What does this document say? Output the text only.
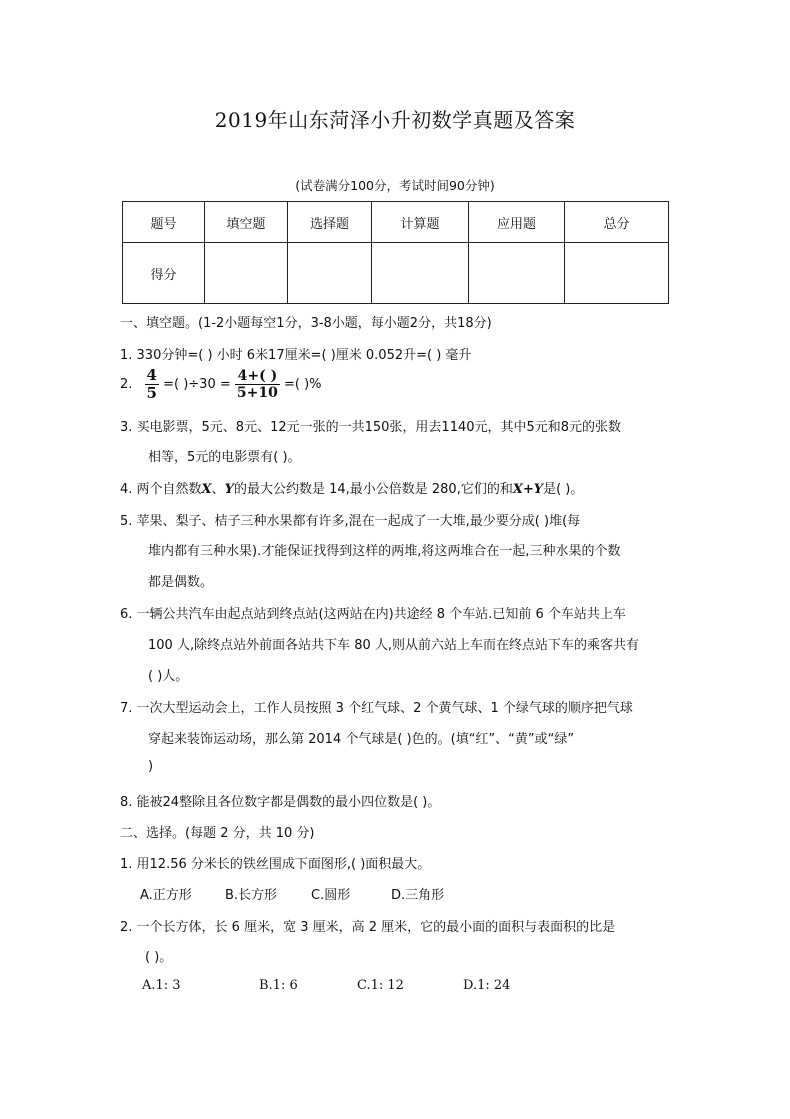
2019年山东菏泽小升初数学真题及答案
(试卷满分100分，考试时间90分钟)
题号	填空题	选择题	计算题	应用题	总分
得分					
一、填空题。(1-2小题每空1分，3-8小题，每小题2分，共18分)
1. 330分钟=( ) 小时 6米17厘米=( )厘米 0.052升=( ) 毫升
2. $\frac{4}{5}$ =( )$\div 30 = \frac{4+( )}{5+10}$ =( )%
3. 买电影票，5元、8元、12元一张的一共150张，用去1140元，其中5元和8元的张数
相等，5元的电影票有( )。
4. 两个自然数X、Y的最大公约数是 14,最小公倍数是 280,它们的和X+Y是( )。
5. 苹果、梨子、桔子三种水果都有许多,混在一起成了一大堆,最少要分成( )堆(每
堆内都有三种水果).才能保证找得到这样的两堆,将这两堆合在一起,三种水果的个数
都是偶数。
6. 一辆公共汽车由起点站到终点站(这两站在内)共途经 8 个车站.已知前 6 个车站共上车
100 人,除终点站外前面各站共下车 80 人,则从前六站上车而在终点站下车的乘客共有
( )人。
7. 一次大型运动会上，工作人员按照 3 个红气球、2 个黄气球、1 个绿气球的顺序把气球
穿起来装饰运动场，那么第 2014 个气球是( )色的。(填“红”、“黄”或“绿”
)
8. 能被24整除且各位数字都是偶数的最小四位数是( )。
二、选择。(每题 2 分，共 10 分)
1. 用12.56 分米长的铁丝围成下面图形,( )面积最大。
A.正方形	B.长方形	C.圆形	D.三角形
2. 一个长方体，长 6 厘米，宽 3 厘米，高 2 厘米，它的最小面的面积与表面积的比是
( )。
A.1: 3	B.1: 6	C.1: 12	D.1: 24
